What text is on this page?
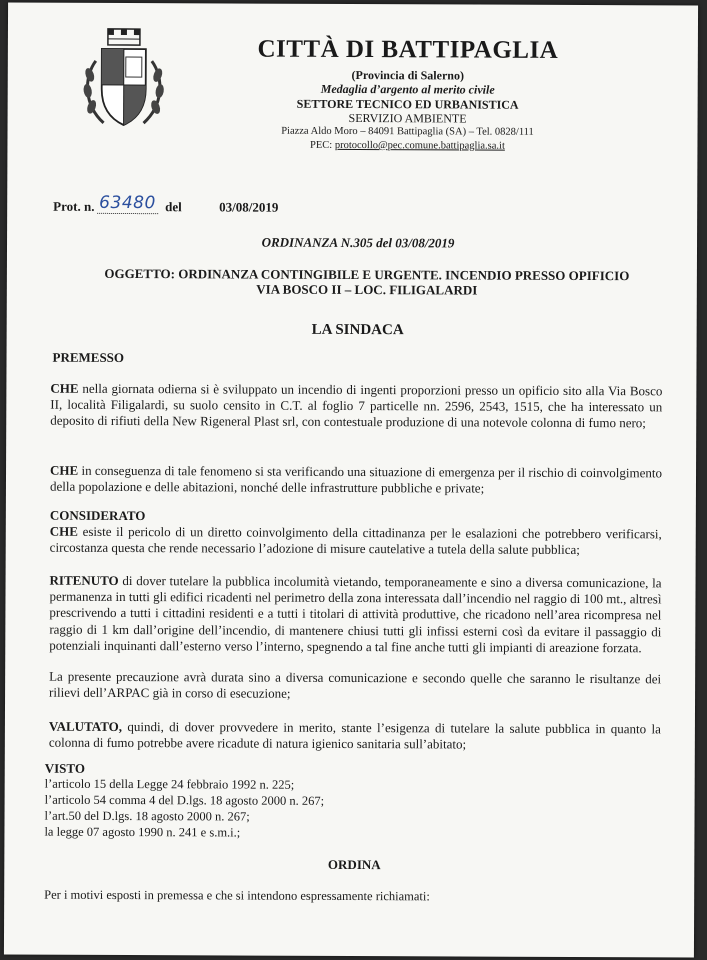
CITTÀ DI BATTIPAGLIA
(Provincia di Salerno)
Medaglia d’argento al merito civile
SETTORE TECNICO ED URBANISTICA
SERVIZIO AMBIENTE
Piazza Aldo Moro – 84091 Battipaglia (SA) – Tel. 0828/111
PEC: protocollo@pec.comune.battipaglia.sa.it
Prot. n. 63480 del	03/08/2019
ORDINANZA N.305 del 03/08/2019
OGGETTO: ORDINANZA CONTINGIBILE E URGENTE. INCENDIO PRESSO OPIFICIO
VIA BOSCO II – LOC. FILIGALARDI
LA SINDACA
PREMESSO
CHE nella giornata odierna si è sviluppato un incendio di ingenti proporzioni presso un opificio sito alla Via Bosco II, località Filigalardi, su suolo censito in C.T. al foglio 7 particelle nn. 2596, 2543, 1515, che ha interessato un deposito di rifiuti della New Rigeneral Plast srl, con contestuale produzione di una notevole colonna di fumo nero;
CHE in conseguenza di tale fenomeno si sta verificando una situazione di emergenza per il rischio di coinvolgimento della popolazione e delle abitazioni, nonché delle infrastrutture pubbliche e private;
CONSIDERATO
CHE esiste il pericolo di un diretto coinvolgimento della cittadinanza per le esalazioni che potrebbero verificarsi, circostanza questa che rende necessario l’adozione di misure cautelative a tutela della salute pubblica;
RITENUTO di dover tutelare la pubblica incolumità vietando, temporaneamente e sino a diversa comunicazione, la permanenza in tutti gli edifici ricadenti nel perimetro della zona interessata dall’incendio nel raggio di 100 mt., altresì prescrivendo a tutti i cittadini residenti e a tutti i titolari di attività produttive, che ricadono nell’area ricompresa nel raggio di 1 km dall’origine dell’incendio, di mantenere chiusi tutti gli infissi esterni così da evitare il passaggio di potenziali inquinanti dall’esterno verso l’interno, spegnendo a tal fine anche tutti gli impianti di areazione forzata.
La presente precauzione avrà durata sino a diversa comunicazione e secondo quelle che saranno le risultanze dei rilievi dell’ARPAC già in corso di esecuzione;
VALUTATO, quindi, di dover provvedere in merito, stante l’esigenza di tutelare la salute pubblica in quanto la colonna di fumo potrebbe avere ricadute di natura igienico sanitaria sull’abitato;
VISTO
l’articolo 15 della Legge 24 febbraio 1992 n. 225;
l’articolo 54 comma 4 del D.lgs. 18 agosto 2000 n. 267;
l’art.50 del D.lgs. 18 agosto 2000 n. 267;
la legge 07 agosto 1990 n. 241 e s.m.i.;
ORDINA
Per i motivi esposti in premessa e che si intendono espressamente richiamati:
